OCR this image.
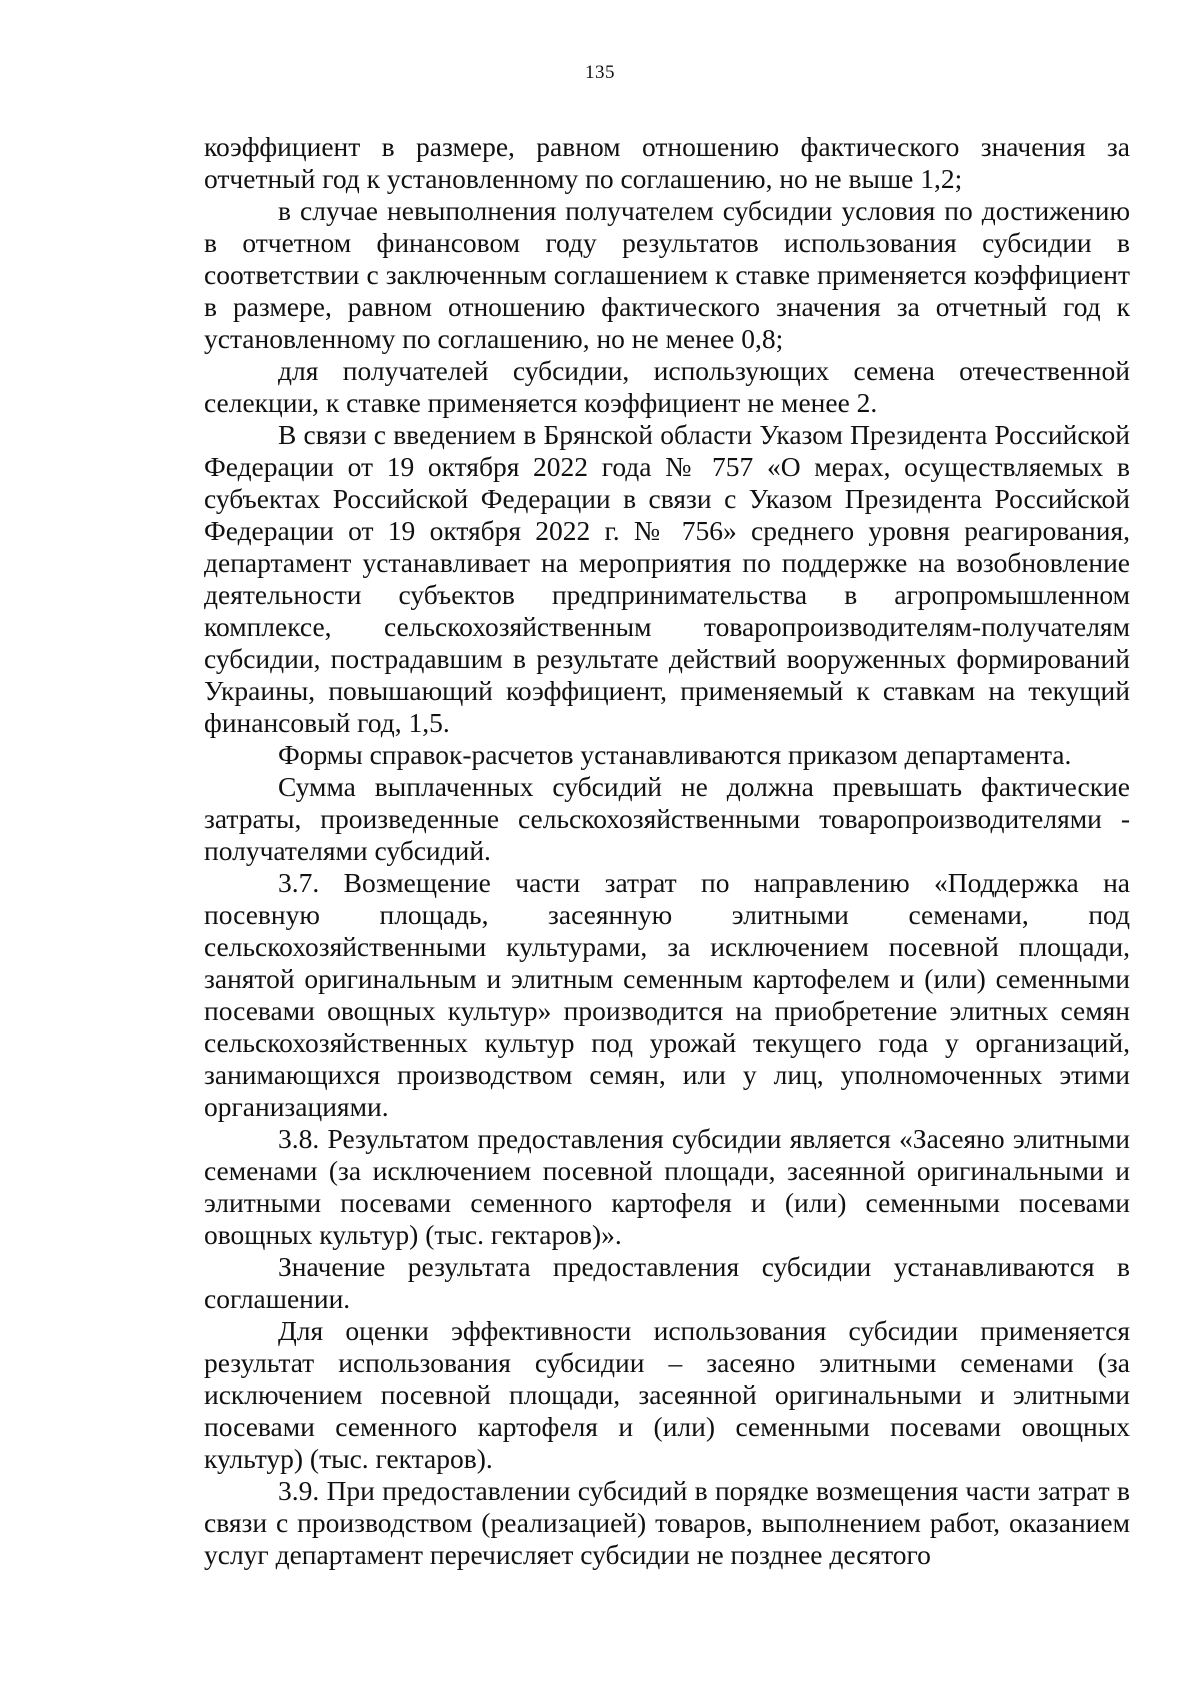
135

коэффициент в размере, равном отношению фактического значения за отчетный год к установленному по соглашению, но не выше 1,2;

в случае невыполнения получателем субсидии условия по достижению в отчетном финансовом году результатов использования субсидии в соответствии с заключенным соглашением к ставке применяется коэффициент в размере, равном отношению фактического значения за отчетный год к установленному по соглашению, но не менее 0,8;

для получателей субсидии, использующих семена отечественной селекции, к ставке применяется коэффициент не менее 2.

В связи с введением в Брянской области Указом Президента Российской Федерации от 19 октября 2022 года № 757 «О мерах, осуществляемых в субъектах Российской Федерации в связи с Указом Президента Российской Федерации от 19 октября 2022 г. № 756» среднего уровня реагирования, департамент устанавливает на мероприятия по поддержке на возобновление деятельности субъектов предпринимательства в агропромышленном комплексе, сельскохозяйственным товаропроизводителям-получателям субсидии, пострадавшим в результате действий вооруженных формирований Украины, повышающий коэффициент, применяемый к ставкам на текущий финансовый год, 1,5.

Формы справок-расчетов устанавливаются приказом департамента.

Сумма выплаченных субсидий не должна превышать фактические затраты, произведенные сельскохозяйственными товаропроизводителями - получателями субсидий.

3.7. Возмещение части затрат по направлению «Поддержка на посевную площадь, засеянную элитными семенами, под сельскохозяйственными культурами, за исключением посевной площади, занятой оригинальным и элитным семенным картофелем и (или) семенными посевами овощных культур» производится на приобретение элитных семян сельскохозяйственных культур под урожай текущего года у организаций, занимающихся производством семян, или у лиц, уполномоченных этими организациями.

3.8. Результатом предоставления субсидии является «Засеяно элитными семенами (за исключением посевной площади, засеянной оригинальными и элитными посевами семенного картофеля и (или) семенными посевами овощных культур) (тыс. гектаров)».

Значение результата предоставления субсидии устанавливаются в соглашении.

Для оценки эффективности использования субсидии применяется результат использования субсидии – засеяно элитными семенами (за исключением посевной площади, засеянной оригинальными и элитными посевами семенного картофеля и (или) семенными посевами овощных культур) (тыс. гектаров).

3.9. При предоставлении субсидий в порядке возмещения части затрат в связи с производством (реализацией) товаров, выполнением работ, оказанием услуг департамент перечисляет субсидии не позднее десятого
